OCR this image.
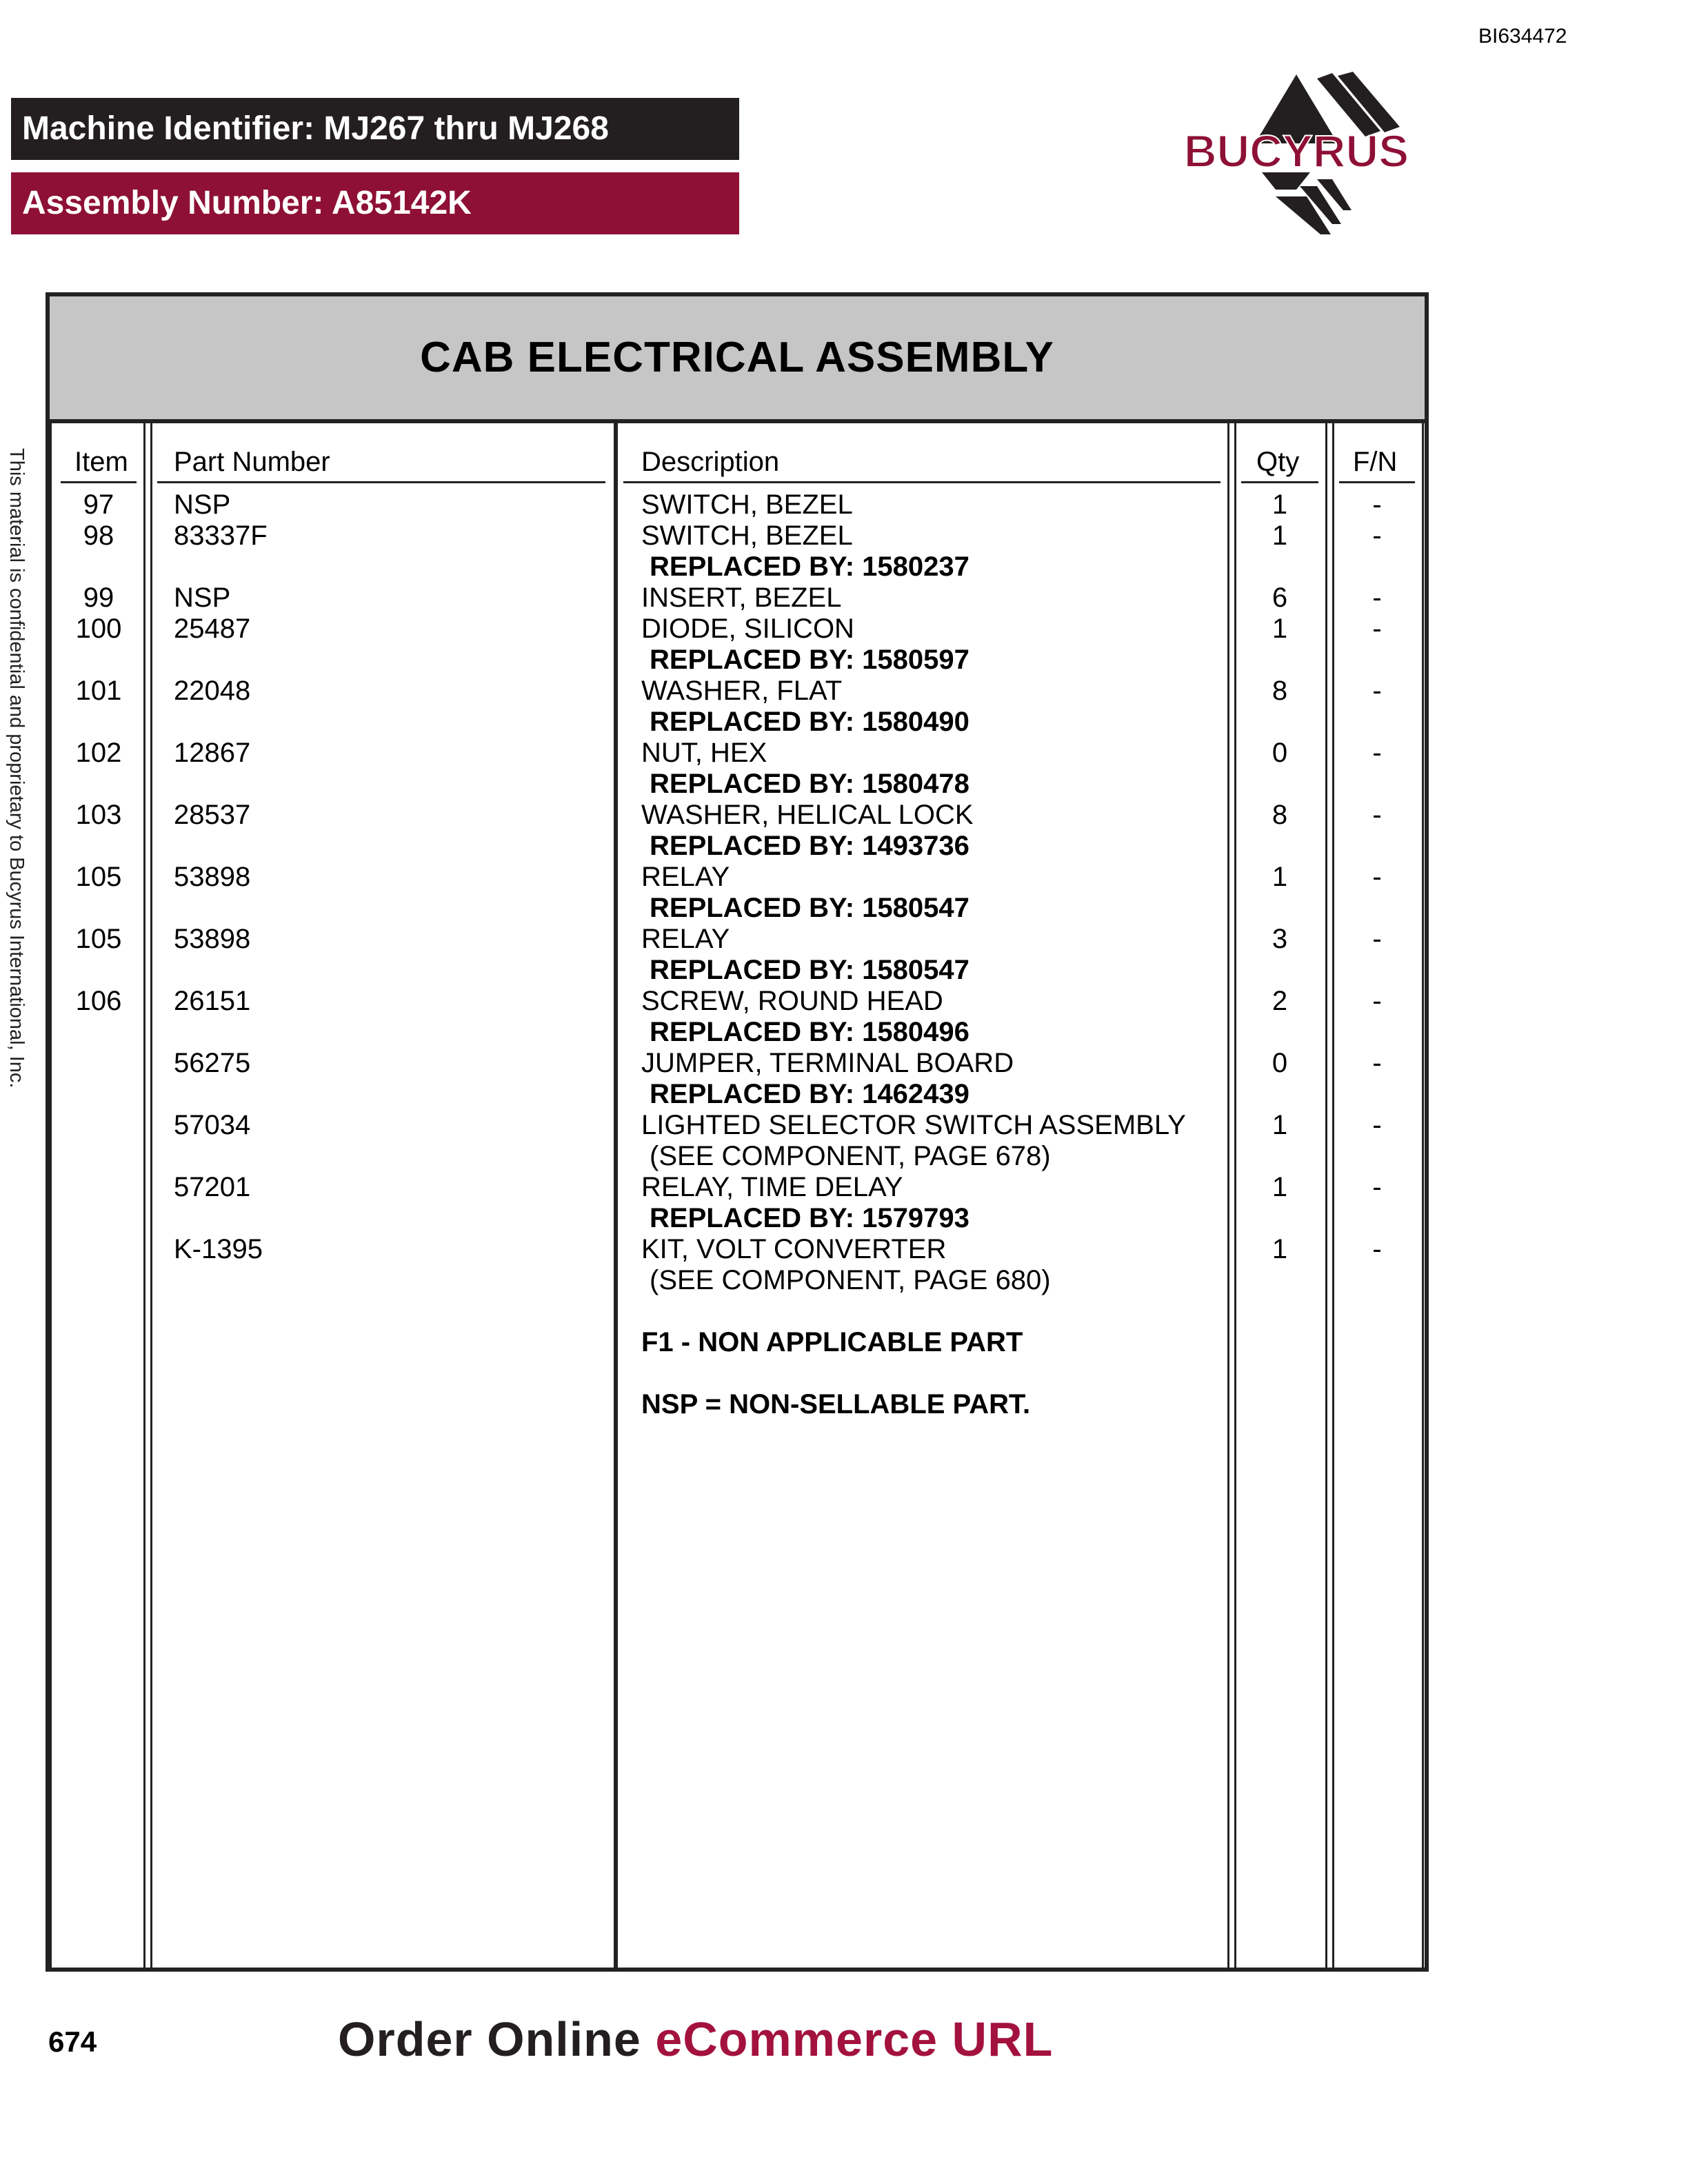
BI634472
Machine Identifier: MJ267 thru MJ268
Assembly Number: A85142K
BUCYRUS
This material is confidential and proprietary to Bucyrus International, Inc.
CAB ELECTRICAL ASSEMBLY
Item Part Number	Description	Qty F/N
97	NSP	SWITCH, BEZEL	1	-
98	83337F	SWITCH, BEZEL	1	-
REPLACED BY: 1580237
99	NSP	INSERT, BEZEL	6	-
100	25487	DIODE, SILICON	1	-
REPLACED BY: 1580597
101	22048	WASHER, FLAT	8	-
REPLACED BY: 1580490
102	12867	NUT, HEX	0	-
REPLACED BY: 1580478
103	28537	WASHER, HELICAL LOCK	8	-
REPLACED BY: 1493736
105	53898	RELAY	1	-
REPLACED BY: 1580547
105	53898	RELAY	3	-
REPLACED BY: 1580547
106	26151	SCREW, ROUND HEAD	2	-
REPLACED BY: 1580496
56275	JUMPER, TERMINAL BOARD	0	-
REPLACED BY: 1462439
57034	LIGHTED SELECTOR SWITCH ASSEMBLY	1	-
(SEE COMPONENT, PAGE 678)
57201	RELAY, TIME DELAY	1	-
REPLACED BY: 1579793
K-1395	KIT, VOLT CONVERTER	1	-
(SEE COMPONENT, PAGE 680)
F1 - NON APPLICABLE PART
NSP = NON-SELLABLE PART.
674	Order Online eCommerce URL
